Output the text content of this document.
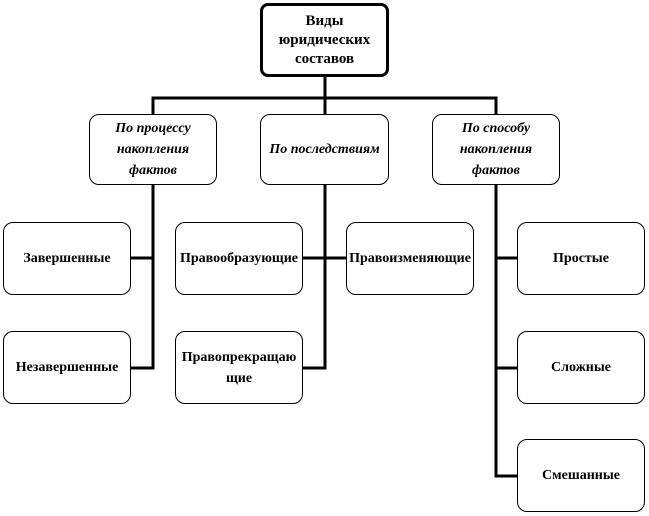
Виды юридических составов
По процессу накопления фактов
По последствиям
По способу накопления фактов
Завершенные
Незавершенные
Правообразующие	Правоизменяющие
Правопрекращающие
Простые
Сложные
Смешанные
